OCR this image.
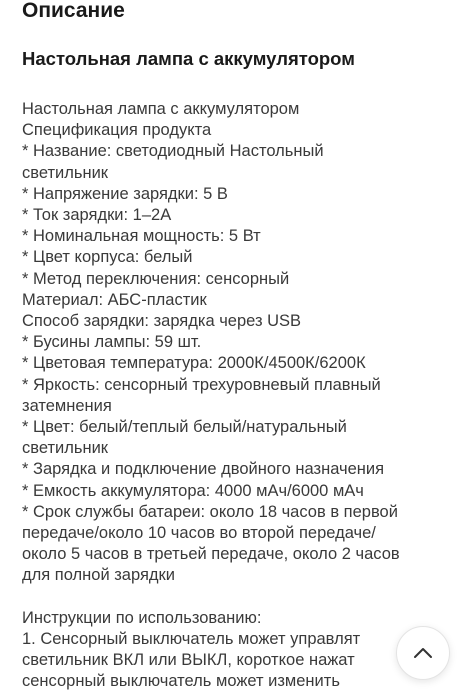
Описание
Настольная лампа с аккумулятором
Настольная лампа с аккумулятором
Спецификация продукта
* Название: светодиодный Настольный
светильник
* Напряжение зарядки: 5 В
* Ток зарядки: 1–2А
* Номинальная мощность: 5 Вт
* Цвет корпуса: белый
* Метод переключения: сенсорный
Материал: АБС-пластик
Способ зарядки: зарядка через USB
* Бусины лампы: 59 шт.
* Цветовая температура: 2000К/4500К/6200К
* Яркость: сенсорный трехуровневый плавный
затемнения
* Цвет: белый/теплый белый/натуральный
светильник
* Зарядка и подключение двойного назначения
* Емкость аккумулятора: 4000 мАч/6000 мАч
* Срок службы батареи: около 18 часов в первой
передаче/около 10 часов во второй передаче/
около 5 часов в третьей передаче, около 2 часов
для полной зарядки
Инструкции по использованию:
1. Сенсорный выключатель может управлят
светильник ВКЛ или ВЫКЛ, короткое нажат
сенсорный выключатель может изменить
